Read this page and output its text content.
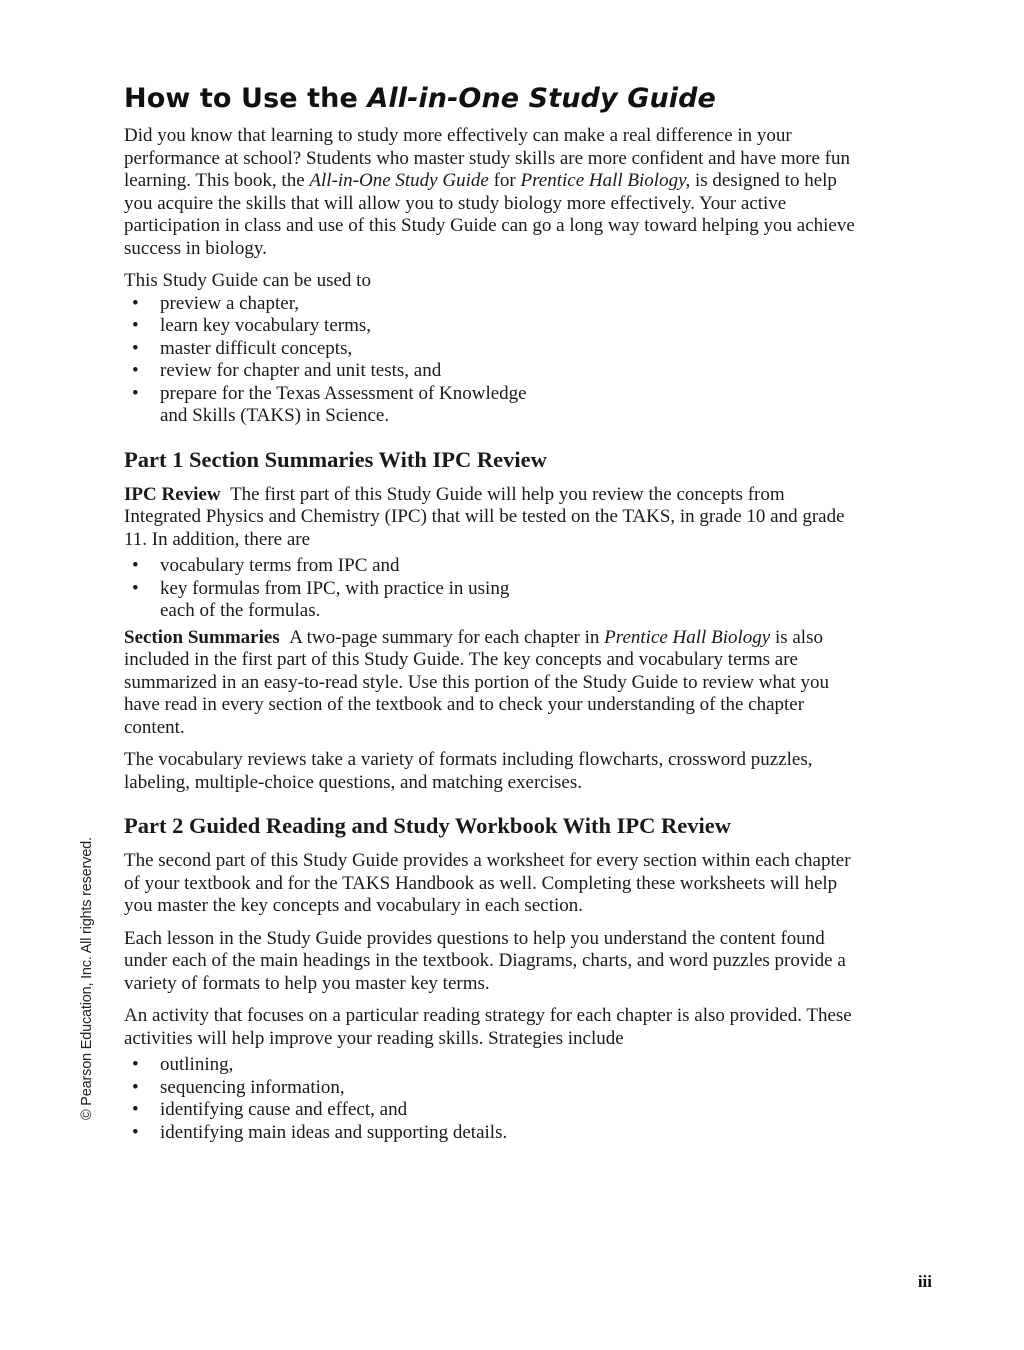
How to Use the All-in-One Study Guide

Did you know that learning to study more effectively can make a real difference in your performance at school? Students who master study skills are more confident and have more fun learning. This book, the All-in-One Study Guide for Prentice Hall Biology, is designed to help you acquire the skills that will allow you to study biology more effectively. Your active participation in class and use of this Study Guide can go a long way toward helping you achieve success in biology.

This Study Guide can be used to

• preview a chapter,
• learn key vocabulary terms,
• master difficult concepts,
• review for chapter and unit tests, and
• prepare for the Texas Assessment of Knowledge
and Skills (TAKS) in Science.
Part 1 Section Summaries With IPC Review

IPC Review The first part of this Study Guide will help you review the concepts from Integrated Physics and Chemistry (IPC) that will be tested on the TAKS, in grade 10 and grade 11. In addition, there are

• vocabulary terms from IPC and
• key formulas from IPC, with practice in using
each of the formulas.

Section Summaries A two-page summary for each chapter in Prentice Hall Biology is also included in the first part of this Study Guide. The key concepts and vocabulary terms are summarized in an easy-to-read style. Use this portion of the Study Guide to review what you have read in every section of the textbook and to check your understanding of the chapter content.

The vocabulary reviews take a variety of formats including flowcharts, crossword puzzles, labeling, multiple-choice questions, and matching exercises.

Part 2 Guided Reading and Study Workbook With IPC Review

The second part of this Study Guide provides a worksheet for every section within each chapter of your textbook and for the TAKS Handbook as well. Completing these worksheets will help you master the key concepts and vocabulary in each section.

Each lesson in the Study Guide provides questions to help you understand the content found under each of the main headings in the textbook. Diagrams, charts, and word puzzles provide a variety of formats to help you master key terms.

An activity that focuses on a particular reading strategy for each chapter is also provided. These activities will help improve your reading skills. Strategies include

• outlining,
• sequencing information,
• identifying cause and effect, and
• identifying main ideas and supporting details.
© Pearson Education, Inc. All rights reserved.
iii
